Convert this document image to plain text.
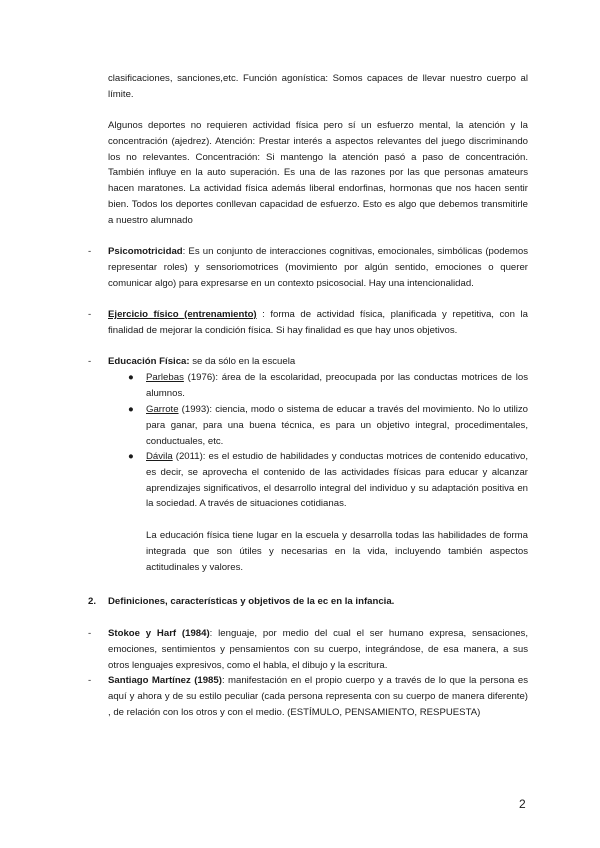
clasificaciones, sanciones,etc. Función agonística: Somos capaces de llevar nuestro cuerpo al límite.

Algunos deportes no requieren actividad física pero sí un esfuerzo mental, la atención y la concentración (ajedrez). Atención: Prestar interés a aspectos relevantes del juego discriminando los no relevantes. Concentración: Si mantengo la atención pasó a paso de concentración. También influye en la auto superación. Es una de las razones por las que personas amateurs hacen maratones. La actividad física además liberal endorfinas, hormonas que nos hacen sentir bien. Todos los deportes conllevan capacidad de esfuerzo. Esto es algo que debemos transmitirle a nuestro alumnado

-	Psicomotricidad: Es un conjunto de interacciones cognitivas, emocionales, simbólicas (podemos representar roles) y sensoriomotrices (movimiento por algún sentido, emociones o querer comunicar algo) para expresarse en un contexto psicosocial. Hay una intencionalidad.
-	Ejercicio físico (entrenamiento) : forma de actividad física, planificada y repetitiva, con la finalidad de mejorar la condición física. Si hay finalidad es que hay unos objetivos.
-	Educación Física: se da sólo en la escuela
● Parlebas (1976): área de la escolaridad, preocupada por las conductas motrices de los alumnos.
● Garrote (1993): ciencia, modo o sistema de educar a través del movimiento. No lo utilizo para ganar, para una buena técnica, es para un objetivo integral, procedimentales, conductuales, etc.
● Dávila (2011): es el estudio de habilidades y conductas motrices de contenido educativo, es decir, se aprovecha el contenido de las actividades físicas para educar y alcanzar aprendizajes significativos, el desarrollo integral del individuo y su adaptación positiva en la sociedad. A través de situaciones cotidianas.

La educación física tiene lugar en la escuela y desarrolla todas las habilidades de forma integrada que son útiles y necesarias en la vida, incluyendo también aspectos actitudinales y valores.

2. Definiciones, características y objetivos de la ec en la infancia.
-	Stokoe y Harf (1984): lenguaje, por medio del cual el ser humano expresa, sensaciones, emociones, sentimientos y pensamientos con su cuerpo, integrándose, de esa manera, a sus otros lenguajes expresivos, como el habla, el dibujo y la escritura.
-	Santiago Martínez (1985): manifestación en el propio cuerpo y a través de lo que la persona es aquí y ahora y de su estilo peculiar (cada persona representa con su cuerpo de manera diferente) , de relación con los otros y con el medio. (ESTÍMULO, PENSAMIENTO, RESPUESTA)
2
